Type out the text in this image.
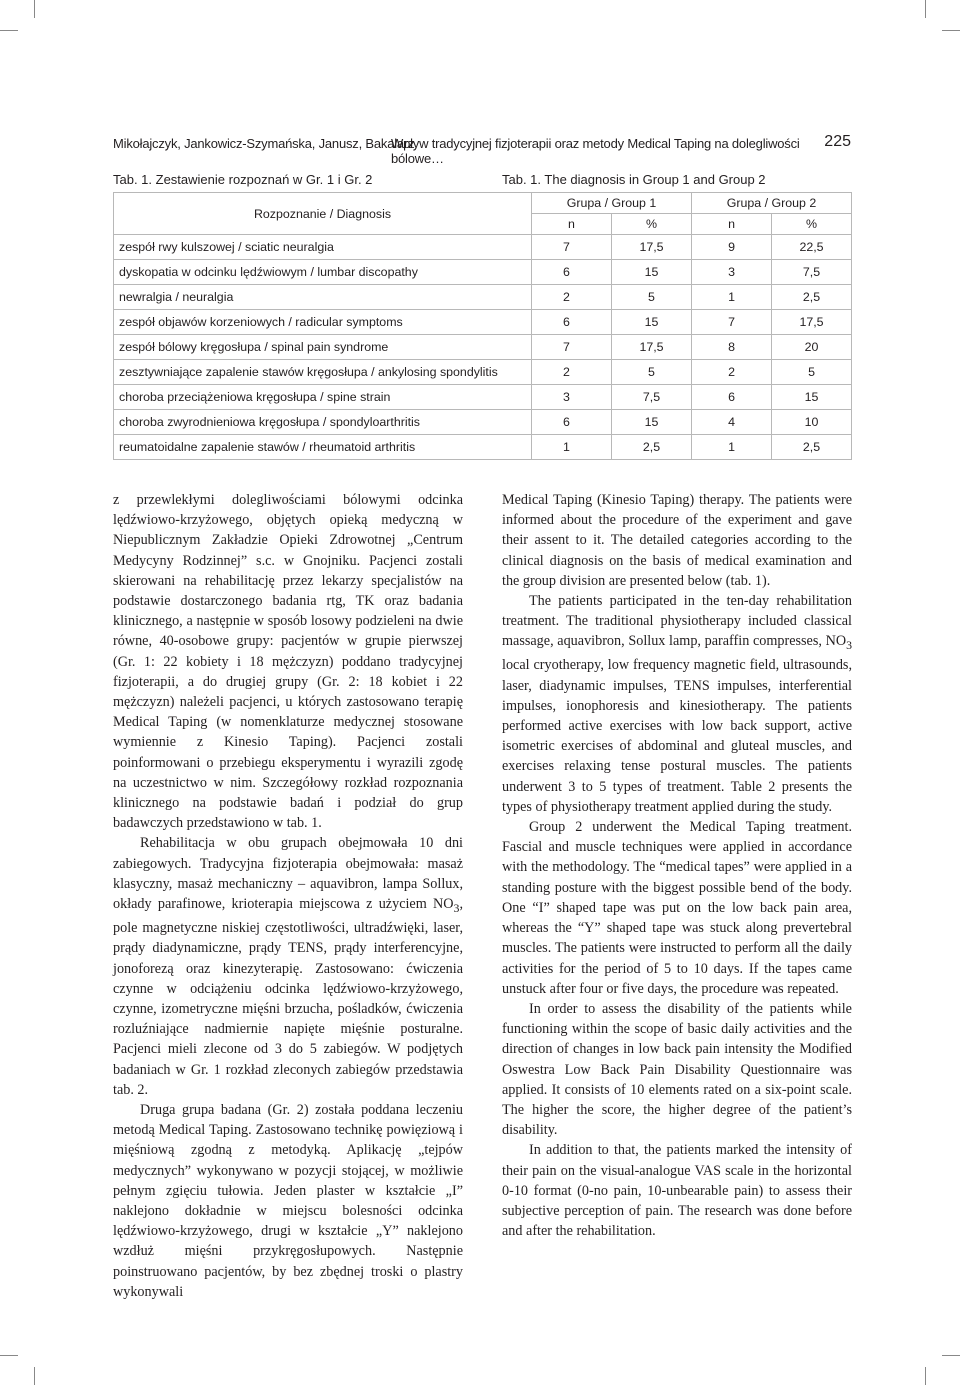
Mikołajczyk, Jankowicz-Szymańska, Janusz, Bakalarz
Wpływ tradycyjnej fizjoterapii oraz metody Medical Taping na dolegliwości bólowe…
225
Tab. 1. Zestawienie rozpoznań w Gr. 1 i Gr. 2	Tab. 1. The diagnosis in Group 1 and Group 2
Rozpoznanie / Diagnosis	Grupa / Group 1		Grupa / Group 2	
	n	%	n	%
zespół rwy kulszowej / sciatic neuralgia	7	17,5	9	22,5
dyskopatia w odcinku lędźwiowym / lumbar discopathy	6	15	3	7,5
newralgia / neuralgia	2	5	1	2,5
zespół objawów korzeniowych / radicular symptoms	6	15	7	17,5
zespół bólowy kręgosłupa / spinal pain syndrome	7	17,5	8	20
zesztywniające zapalenie stawów kręgosłupa / ankylosing spondylitis	2	5	2	5
choroba przeciążeniowa kręgosłupa / spine strain	3	7,5	6	15
choroba zwyrodnieniowa kręgosłupa / spondyloarthritis	6	15	4	10
reumatoidalne zapalenie stawów / rheumatoid arthritis	1	2,5	1	2,5

z przewlekłymi dolegliwościami bólowymi odcinka lędźwiowo-krzyżowego, objętych opieką medyczną w Niepublicznym Zakładzie Opieki Zdrowotnej „Centrum Medycyny Rodzinnej” s.c. w Gnojniku. Pacjenci zostali skierowani na rehabilitację przez lekarzy specjalistów na podstawie dostarczonego badania rtg, TK oraz badania klinicznego, a następnie w sposób losowy podzieleni na dwie równe, 40-osobowe grupy: pacjentów w grupie pierwszej (Gr. 1: 22 kobiety i 18 mężczyzn) poddano tradycyjnej fizjoterapii, a do drugiej grupy (Gr. 2: 18 kobiet i 22 mężczyzn) należeli pacjenci, u których zastosowano terapię Medical Taping (w nomenklaturze medycznej stosowane wymiennie z Kinesio Taping). Pacjenci zostali poinformowani o przebiegu eksperymentu i wyrazili zgodę na uczestnictwo w nim. Szczegółowy rozkład rozpoznania klinicznego na podstawie badań i podział do grup badawczych przedstawiono w tab. 1.

Rehabilitacja w obu grupach obejmowała 10 dni zabiegowych. Tradycyjna fizjoterapia obejmowała: masaż klasyczny, masaż mechaniczny – aquavibron, lampa Sollux, okłady parafinowe, krioterapia miejscowa z użyciem $NO_3$, pole magnetyczne niskiej częstotliwości, ultradźwięki, laser, prądy diadynamiczne, prądy TENS, prądy interferencyjne, jonoforezą oraz kinezyterapię. Zastosowano: ćwiczenia czynne w odciążeniu odcinka lędźwiowo-krzyżowego, czynne, izometryczne mięśni brzucha, pośladków, ćwiczenia rozluźniające nadmiernie napięte mięśnie posturalne. Pacjenci mieli zlecone od 3 do 5 zabiegów. W podjętych badaniach w Gr. 1 rozkład zleconych zabiegów przedstawia tab. 2.

Druga grupa badana (Gr. 2) została poddana leczeniu metodą Medical Taping. Zastosowano technikę powięziową i mięśniową zgodną z metodyką. Aplikację „tejpów medycznych” wykonywano w pozycji stojącej, w możliwie pełnym zgięciu tułowia. Jeden plaster w kształcie „I” naklejono dokładnie w miejscu bolesności odcinka lędźwiowo-krzyżowego, drugi w kształcie „Y” naklejono wzdłuż mięśni przykręgosłupowych. Następnie poinstruowano pacjentów, by bez zbędnej troski o plastry wykonywali

Medical Taping (Kinesio Taping) therapy. The patients were informed about the procedure of the experiment and gave their assent to it. The detailed categories according to the clinical diagnosis on the basis of medical examination and the group division are presented below (tab. 1).

The patients participated in the ten-day rehabilitation treatment. The traditional physiotherapy included classical massage, aquavibron, Sollux lamp, paraffin compresses, $NO_3$ local cryotherapy, low frequency magnetic field, ultrasounds, laser, diadynamic impulses, TENS impulses, interferential impulses, ionophoresis and kinesiotherapy. The patients performed active exercises with low back support, active isometric exercises of abdominal and gluteal muscles, and exercises relaxing tense postural muscles. The patients underwent 3 to 5 types of treatment. Table 2 presents the types of physiotherapy treatment applied during the study.

Group 2 underwent the Medical Taping treatment. Fascial and muscle techniques were applied in accordance with the methodology. The “medical tapes” were applied in a standing posture with the biggest possible bend of the body. One “I” shaped tape was put on the low back pain area, whereas the “Y” shaped tape was stuck along prevertebral muscles. The patients were instructed to perform all the daily activities for the period of 5 to 10 days. If the tapes came unstuck after four or five days, the procedure was repeated.

In order to assess the disability of the patients while functioning within the scope of basic daily activities and the direction of changes in low back pain intensity the Modified Oswestra Low Back Pain Disability Questionnaire was applied. It consists of 10 elements rated on a six-point scale. The higher the score, the higher degree of the patient’s disability.

In addition to that, the patients marked the intensity of their pain on the visual-analogue VAS scale in the horizontal 0-10 format (0-no pain, 10-unbearable pain) to assess their subjective perception of pain. The research was done before and after the rehabilitation.
